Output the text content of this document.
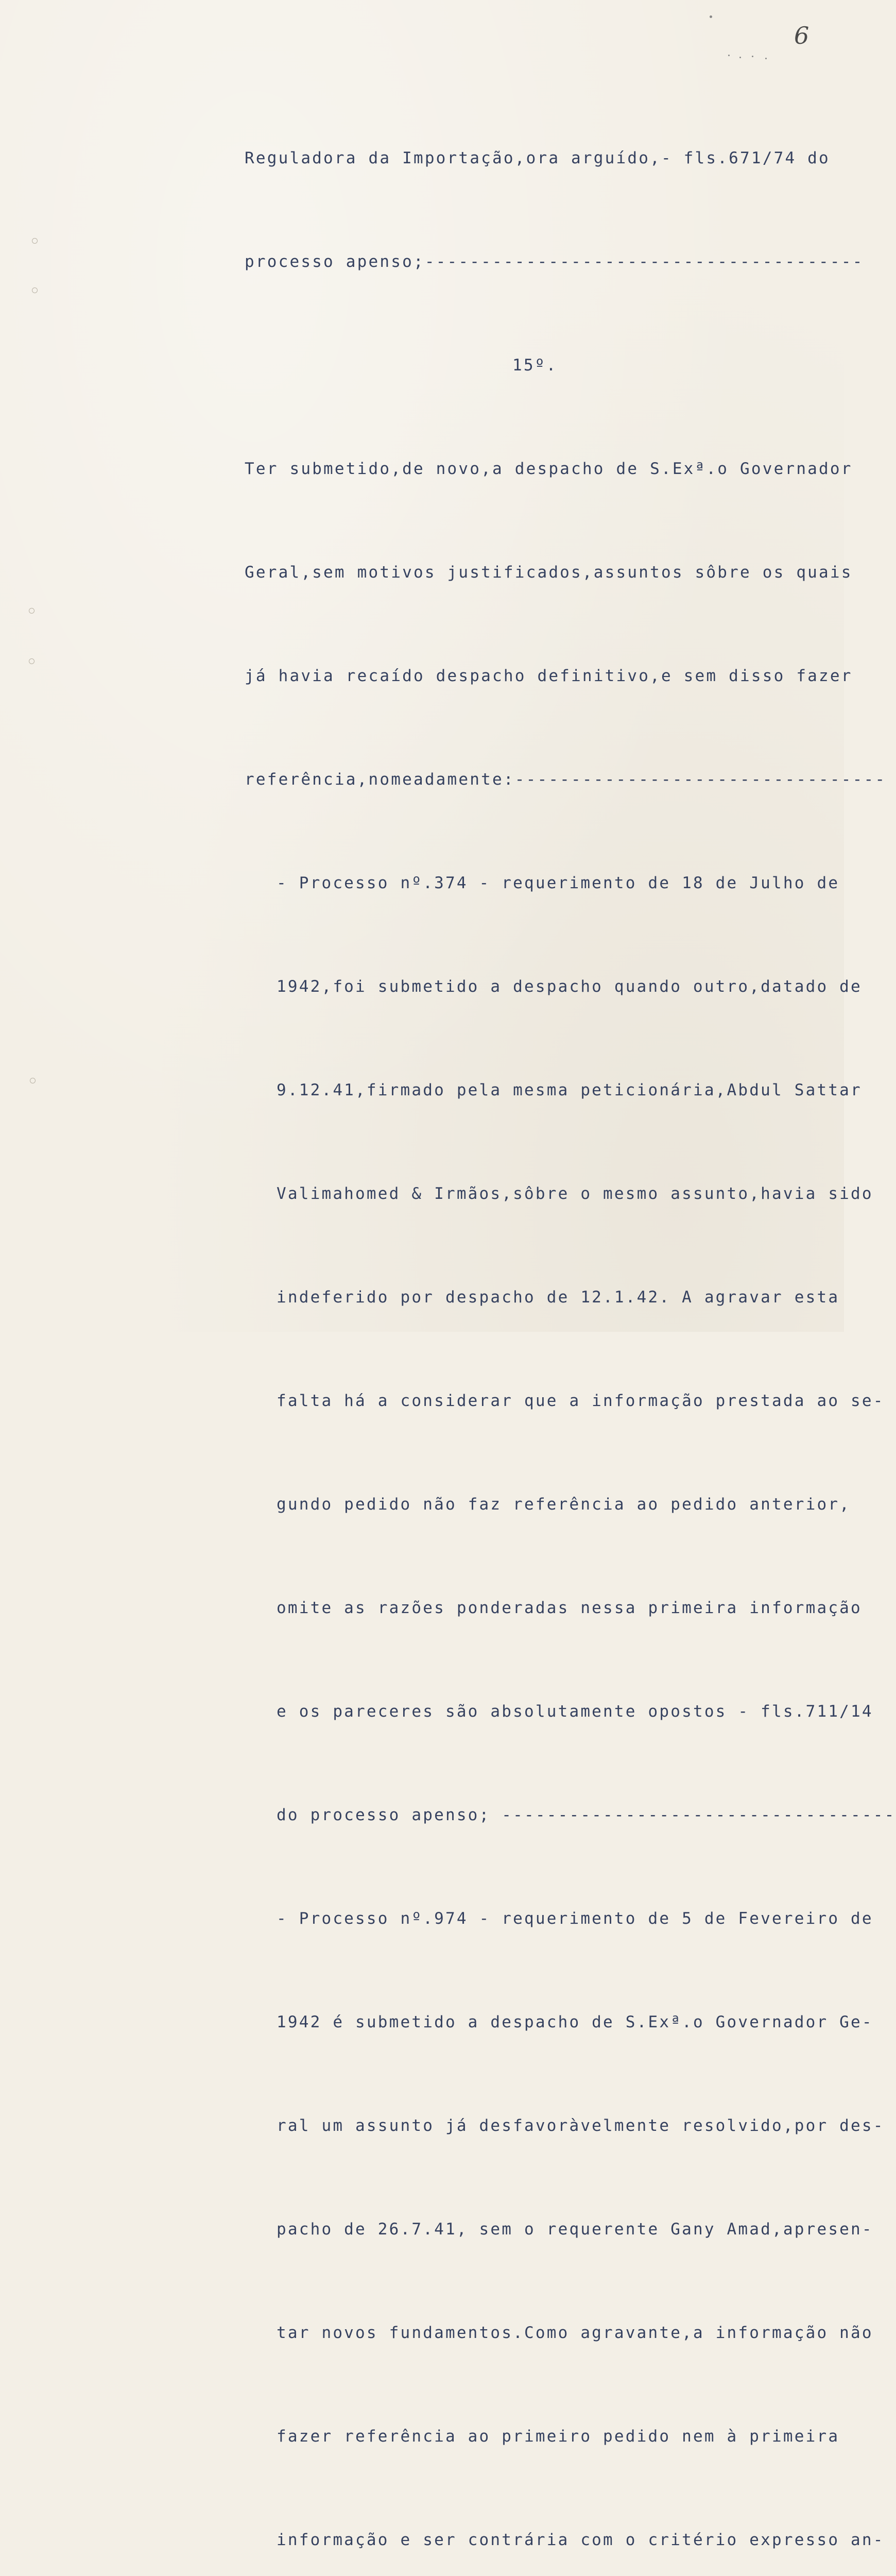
6

Reguladora da Importação,ora arguído,- fls.671/74 do

processo apenso;---------------------------------------

15º.

Ter submetido,de novo,a despacho de S.Exª.o Governador

Geral,sem motivos justificados,assuntos sôbre os quais

já havia recaído despacho definitivo,e sem disso fazer

referência,nomeadamente:---------------------------------

- Processo nº.374 - requerimento de 18 de Julho de

1942,foi submetido a despacho quando outro,datado de

9.12.41,firmado pela mesma peticionária,Abdul Sattar

Valimahomed & Irmãos,sôbre o mesmo assunto,havia sido

indeferido por despacho de 12.1.42. A agravar esta

falta há a considerar que a informação prestada ao se-

gundo pedido não faz referência ao pedido anterior,

omite as razões ponderadas nessa primeira informação

e os pareceres são absolutamente opostos - fls.711/14

do processo apenso; -----------------------------------

- Processo nº.974 - requerimento de 5 de Fevereiro de

1942 é submetido a despacho de S.Exª.o Governador Ge-

ral um assunto já desfavoràvelmente resolvido,por des-

pacho de 26.7.41, sem o requerente Gany Amad,apresen-

tar novos fundamentos.Como agravante,a informação não

fazer referência ao primeiro pedido nem à primeira

informação e ser contrária com o critério expresso an-
